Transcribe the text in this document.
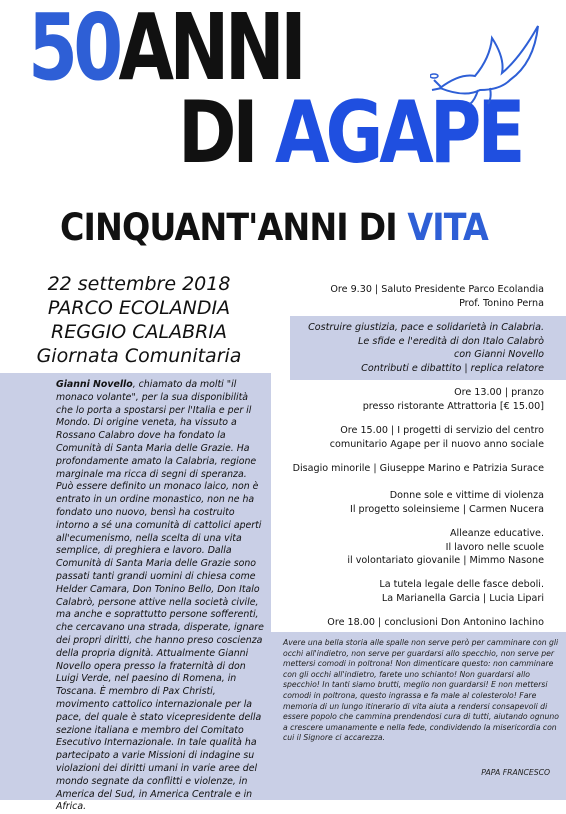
50ANNI
DI AGAPE
CINQUANT'ANNI DI VITA
22 settembre 2018
PARCO ECOLANDIA
REGGIO CALABRIA
Giornata Comunitaria
Gianni Novello, chiamato da molti "il monaco volante", per la sua disponibilità che lo porta a spostarsi per l'Italia e per il Mondo. Di origine veneta, ha vissuto a Rossano Calabro dove ha fondato la Comunità di Santa Maria delle Grazie. Ha profondamente amato la Calabria, regione marginale ma ricca di segni di speranza. Può essere definito un monaco laico, non è entrato in un ordine monastico, non ne ha fondato uno nuovo, bensì ha costruito intorno a sé una comunità di cattolici aperti all'ecumenismo, nella scelta di una vita semplice, di preghiera e lavoro. Dalla Comunità di Santa Maria delle Grazie sono passati tanti grandi uomini di chiesa come Helder Camara, Don Tonino Bello, Don Italo Calabrò, persone attive nella società civile, ma anche e soprattutto persone sofferenti, che cercavano una strada, disperate, ignare dei propri diritti, che hanno preso coscienza della propria dignità. Attualmente Gianni Novello opera presso la fraternità di don Luigi Verde, nel paesino di Romena, in Toscana. È membro di Pax Christi, movimento cattolico internazionale per la pace, del quale è stato vicepresidente della sezione italiana e membro del Comitato Esecutivo Internazionale. In tale qualità ha partecipato a varie Missioni di indagine su violazioni dei diritti umani in varie aree del mondo segnate da conflitti e violenze, in America del Sud, in America Centrale e in Africa.
Ore 9.30 | Saluto Presidente Parco Ecolandia
Prof. Tonino Perna
Costruire giustizia, pace e solidarietà in Calabria.
Le sfide e l'eredità di don Italo Calabrò
con Gianni Novello
Contributi e dibattito | replica relatore
Ore 13.00 | pranzo
presso ristorante Attrattoria [€ 15.00]
Ore 15.00 | I progetti di servizio del centro
comunitario Agape per il nuovo anno sociale
Disagio minorile | Giuseppe Marino e Patrizia Surace
Donne sole e vittime di violenza
Il progetto soleinsieme | Carmen Nucera
Alleanze educative.
Il lavoro nelle scuole
il volontariato giovanile | Mimmo Nasone
La tutela legale delle fasce deboli.
La Marianella Garcia | Lucia Lipari
Ore 18.00 | conclusioni Don Antonino Iachino
Avere una bella storia alle spalle non serve però per camminare con gli occhi all'indietro, non serve per guardarsi allo specchio, non serve per mettersi comodi in poltrona! Non dimenticare questo: non camminare con gli occhi all'indietro, farete uno schianto! Non guardarsi allo specchio! In tanti siamo brutti, meglio non guardarsi! E non mettersi comodi in poltrona, questo ingrassa e fa male al colesterolo! Fare memoria di un lungo itinerario di vita aiuta a rendersi consapevoli di essere popolo che cammina prendendosi cura di tutti, aiutando ognuno a crescere umanamente e nella fede, condividendo la misericordia con cui il Signore ci accarezza.
PAPA FRANCESCO
